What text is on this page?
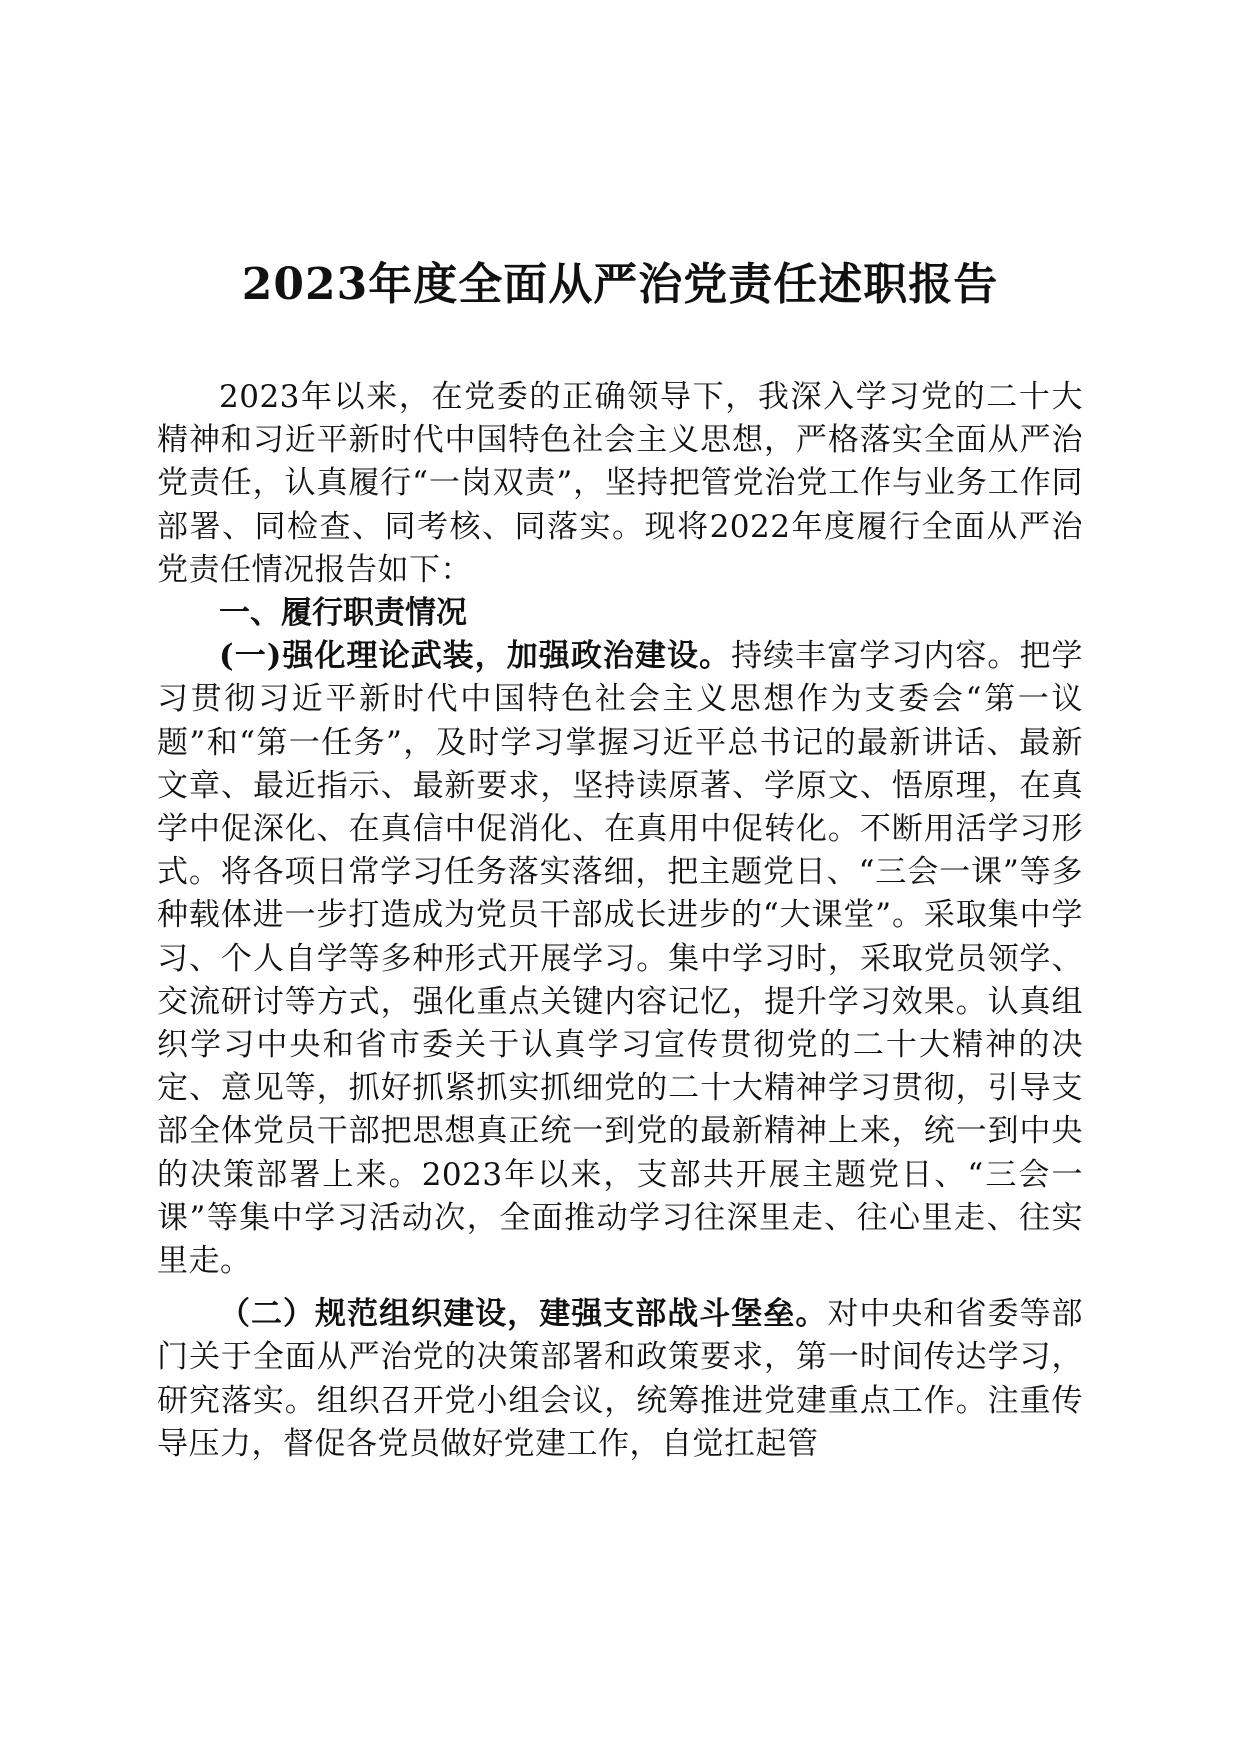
2023年度全面从严治党责任述职报告

2023年以来，在党委的正确领导下，我深入学习党的二十大精神和习近平新时代中国特色社会主义思想，严格落实全面从严治党责任，认真履行“一岗双责”，坚持把管党治党工作与业务工作同部署、同检查、同考核、同落实。现将2022年度履行全面从严治党责任情况报告如下：

一、履行职责情况

(一)强化理论武装，加强政治建设。持续丰富学习内容。把学习贯彻习近平新时代中国特色社会主义思想作为支委会“第一议题”和“第一任务”，及时学习掌握习近平总书记的最新讲话、最新文章、最近指示、最新要求，坚持读原著、学原文、悟原理，在真学中促深化、在真信中促消化、在真用中促转化。不断用活学习形式。将各项日常学习任务落实落细，把主题党日、“三会一课”等多种载体进一步打造成为党员干部成长进步的“大课堂”。采取集中学习、个人自学等多种形式开展学习。集中学习时，采取党员领学、交流研讨等方式，强化重点关键内容记忆，提升学习效果。认真组织学习中央和省市委关于认真学习宣传贯彻党的二十大精神的决定、意见等，抓好抓紧抓实抓细党的二十大精神学习贯彻，引导支部全体党员干部把思想真正统一到党的最新精神上来，统一到中央的决策部署上来。2023年以来，支部共开展主题党日、“三会一课”等集中学习活动次，全面推动学习往深里走、往心里走、往实里走。

（二）规范组织建设，建强支部战斗堡垒。对中央和省委等部门关于全面从严治党的决策部署和政策要求，第一时间传达学习，研究落实。组织召开党小组会议，统筹推进党建重点工作。注重传导压力，督促各党员做好党建工作，自觉扛起管
